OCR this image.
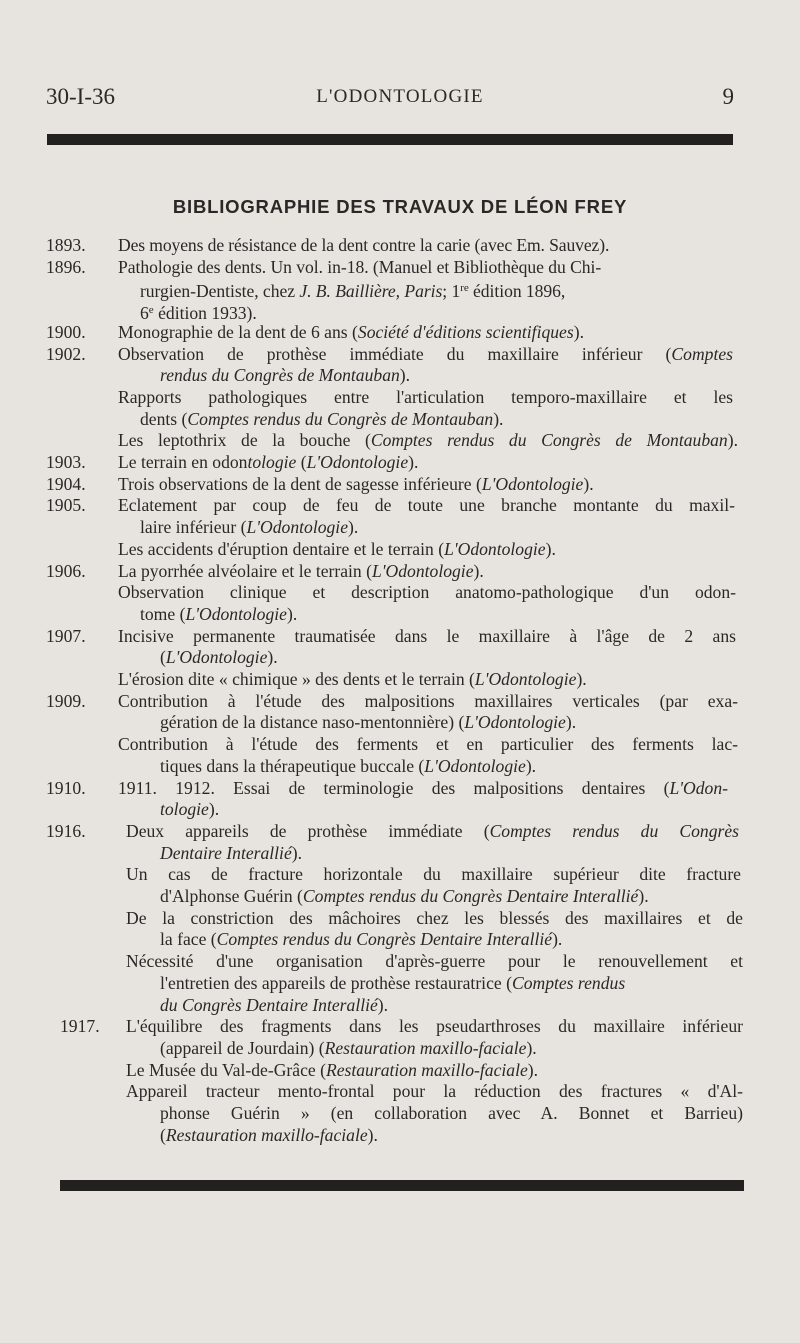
30-I-36	L'ODONTOLOGIE	9
BIBLIOGRAPHIE DES TRAVAUX DE LÉON FREY
1893. Des moyens de résistance de la dent contre la carie (avec Em. Sauvez).
1896. Pathologie des dents. Un vol. in-18. (Manuel et Bibliothèque du Chi-
rurgien-Dentiste, chez J. B. Baillière, Paris; 1re édition 1896,
6e édition 1933).
1900. Monographie de la dent de 6 ans (Société d'éditions scientifiques).
1902. Observation de prothèse immédiate du maxillaire inférieur (Comptes
rendus du Congrès de Montauban).
Rapports pathologiques entre l'articulation temporo-maxillaire et les
dents (Comptes rendus du Congrès de Montauban).
Les leptothrix de la bouche (Comptes rendus du Congrès de Montauban).
1903. Le terrain en odontologie (L'Odontologie).
1904. Trois observations de la dent de sagesse inférieure (L'Odontologie).
1905. Eclatement par coup de feu de toute une branche montante du maxil-
laire inférieur (L'Odontologie).
Les accidents d'éruption dentaire et le terrain (L'Odontologie).
1906. La pyorrhée alvéolaire et le terrain (L'Odontologie).
Observation clinique et description anatomo-pathologique d'un odon-
tome (L'Odontologie).
1907. Incisive permanente traumatisée dans le maxillaire à l'âge de 2 ans
(L'Odontologie).
L'érosion dite « chimique » des dents et le terrain (L'Odontologie).
1909. Contribution à l'étude des malpositions maxillaires verticales (par exa-
gération de la distance naso-mentonnière) (L'Odontologie).
Contribution à l'étude des ferments et en particulier des ferments lac-
tiques dans la thérapeutique buccale (L'Odontologie).
1910. 1911. 1912. Essai de terminologie des malpositions dentaires (L'Odon-
tologie).
1916. Deux appareils de prothèse immédiate (Comptes rendus du Congrès
Dentaire Interallié).
Un cas de fracture horizontale du maxillaire supérieur dite fracture
d'Alphonse Guérin (Comptes rendus du Congrès Dentaire Interallié).
De la constriction des mâchoires chez les blessés des maxillaires et de
la face (Comptes rendus du Congrès Dentaire Interallié).
Nécessité d'une organisation d'après-guerre pour le renouvellement et
l'entretien des appareils de prothèse restauratrice (Comptes rendus
du Congrès Dentaire Interallié).
1917. L'équilibre des fragments dans les pseudarthroses du maxillaire inférieur
(appareil de Jourdain) (Restauration maxillo-faciale).
Le Musée du Val-de-Grâce (Restauration maxillo-faciale).
Appareil tracteur mento-frontal pour la réduction des fractures « d'Al-
phonse Guérin » (en collaboration avec A. Bonnet et Barrieu)
(Restauration maxillo-faciale).
